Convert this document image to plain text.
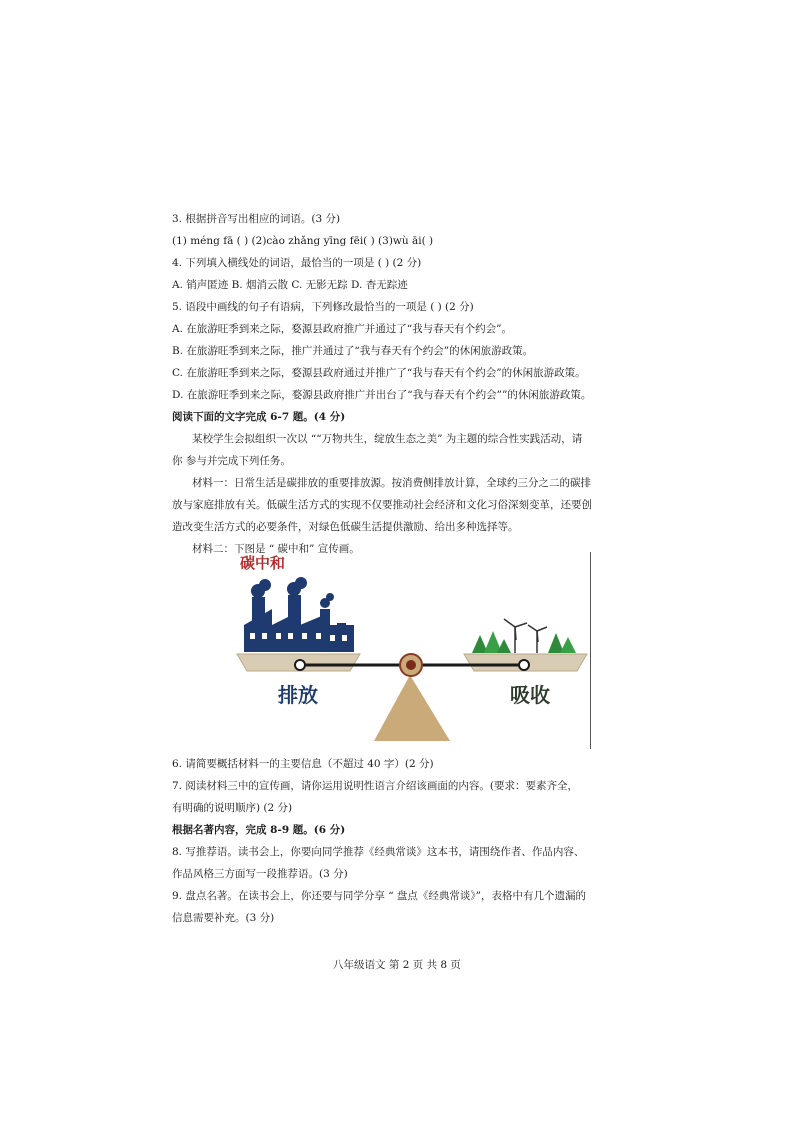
3. 根据拼音写出相应的词语。(3 分)
(1) méng fā ( ) (2)cào zhǎng yīng fēi( ) (3)wù āi( )
4. 下列填入横线处的词语，最恰当的一项是 ( ) (2 分)
A. 销声匿迹 B. 烟消云散 C. 无影无踪 D. 杳无踪迹
5. 语段中画线的句子有语病，下列修改最恰当的一项是 ( ) (2 分)
A. 在旅游旺季到来之际，婺源县政府推广并通过了“我与春天有个约会”。
B. 在旅游旺季到来之际，推广并通过了“我与春天有个约会”的休闲旅游政策。
C. 在旅游旺季到来之际，婺源县政府通过并推广了“我与春天有个约会”的休闲旅游政策。
D. 在旅游旺季到来之际，婺源县政府推广并出台了“我与春天有个约会””的休闲旅游政策。
阅读下面的文字完成 6-7 题。(4 分)
某校学生会拟组织一次以 ““万物共生，绽放生态之美” 为主题的综合性实践活动，请
你 参与并完成下列任务。
材料一：日常生活是碳排放的重要排放源。按消费侧排放计算，全球约三分之二的碳排
放与家庭排放有关。低碳生活方式的实现不仅要推动社会经济和文化习俗深刻变革，还要创
造改变生活方式的必要条件，对绿色低碳生活提供激励、给出多种选择等。
材料二：下图是 “ 碳中和” 宣传画。
碳中和
排放	吸收
6. 请简要概括材料一的主要信息（不超过 40 字）(2 分)
7. 阅读材料三中的宣传画，请你运用说明性语言介绍该画面的内容。(要求：要素齐全，
有明确的说明顺序) (2 分)
根据名著内容，完成 8-9 题。(6 分)
8. 写推荐语。读书会上，你要向同学推荐《经典常谈》这本书，请围绕作者、作品内容、
作品风格三方面写一段推荐语。(3 分)
9. 盘点名著。在读书会上，你还要与同学分享 “ 盘点《经典常谈》”，表格中有几个遗漏的
信息需要补充。(3 分)
八年级语文 第 2 页 共 8 页
